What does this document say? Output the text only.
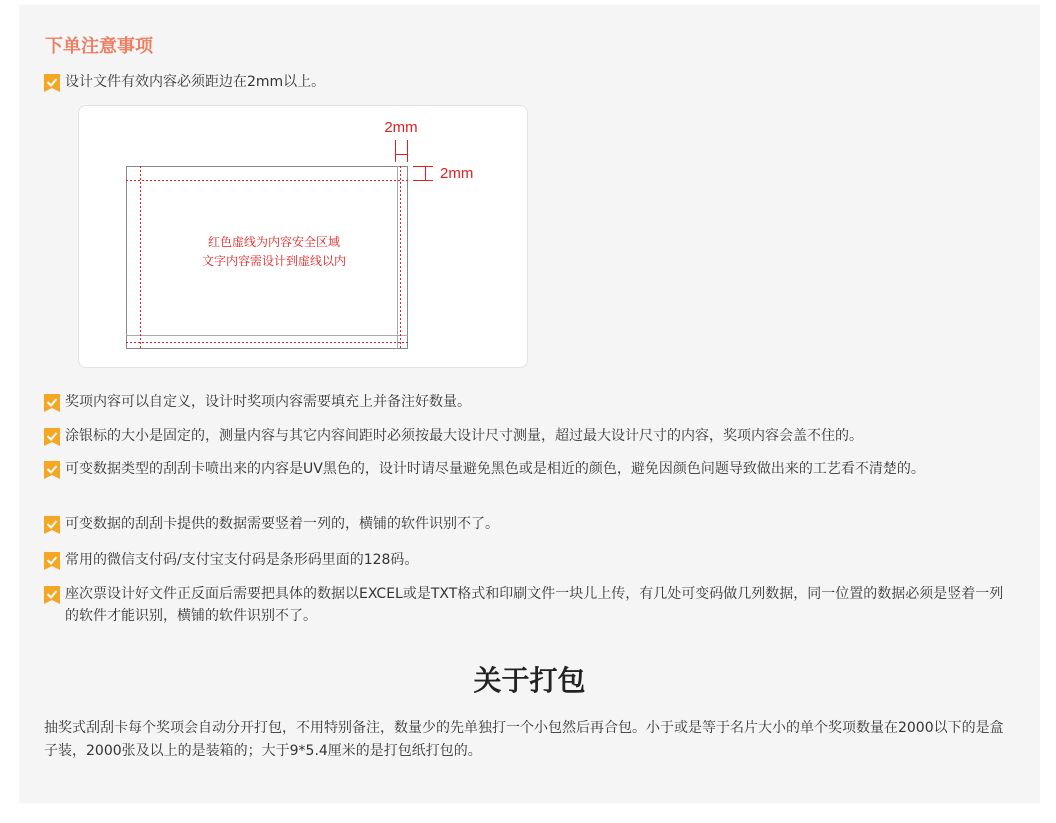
下单注意事项
设计文件有效内容必须距边在2mm以上。
2mm
2mm
红色虚线为内容安全区域
文字内容需设计到虚线以内
奖项内容可以自定义，设计时奖项内容需要填充上并备注好数量。
涂银标的大小是固定的，测量内容与其它内容间距时必须按最大设计尺寸测量，超过最大设计尺寸的内容，奖项内容会盖不住的。
可变数据类型的刮刮卡喷出来的内容是UV黑色的，设计时请尽量避免黑色或是相近的颜色，避免因颜色问题导致做出来的工艺看不清楚的。
可变数据的刮刮卡提供的数据需要竖着一列的，横铺的软件识别不了。
常用的微信支付码/支付宝支付码是条形码里面的128码。
座次票设计好文件正反面后需要把具体的数据以EXCEL或是TXT格式和印刷文件一块儿上传，有几处可变码做几列数据，同一位置的数据必须是竖着一列的软件才能识别，横铺的软件识别不了。
关于打包

抽奖式刮刮卡每个奖项会自动分开打包，不用特别备注，数量少的先单独打一个小包然后再合包。小于或是等于名片大小的单个奖项数量在2000以下的是盒子装，2000张及以上的是装箱的；大于9*5.4厘米的是打包纸打包的。
